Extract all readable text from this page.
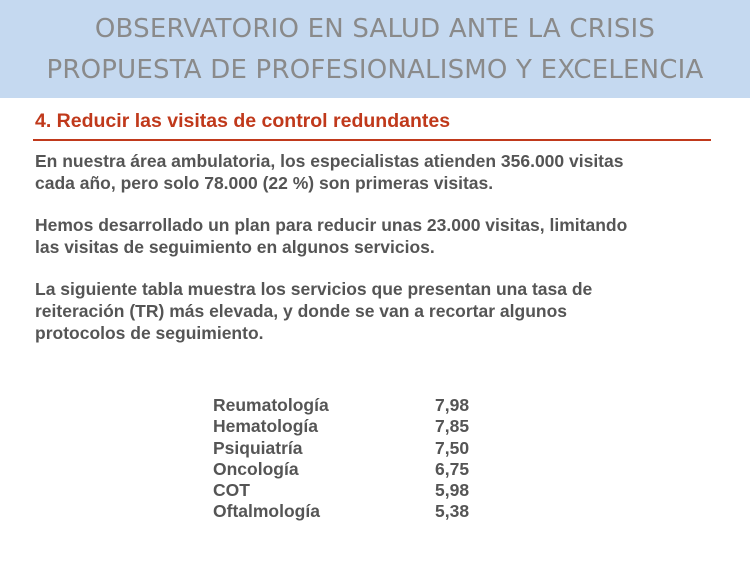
OBSERVATORIO EN SALUD ANTE LA CRISIS
PROPUESTA DE PROFESIONALISMO Y EXCELENCIA
4. Reducir las visitas de control redundantes
En nuestra área ambulatoria, los especialistas atienden 356.000 visitas
cada año, pero solo 78.000 (22 %) son primeras visitas.
Hemos desarrollado un plan para reducir unas 23.000 visitas, limitando
las visitas de seguimiento en algunos servicios.
La siguiente tabla muestra los servicios que presentan una tasa de
reiteración (TR) más elevada, y donde se van a recortar algunos
protocolos de seguimiento.
Reumatología	7,98
Hematología	7,85
Psiquiatría	7,50
Oncología	6,75
COT	5,98
Oftalmología	5,38
